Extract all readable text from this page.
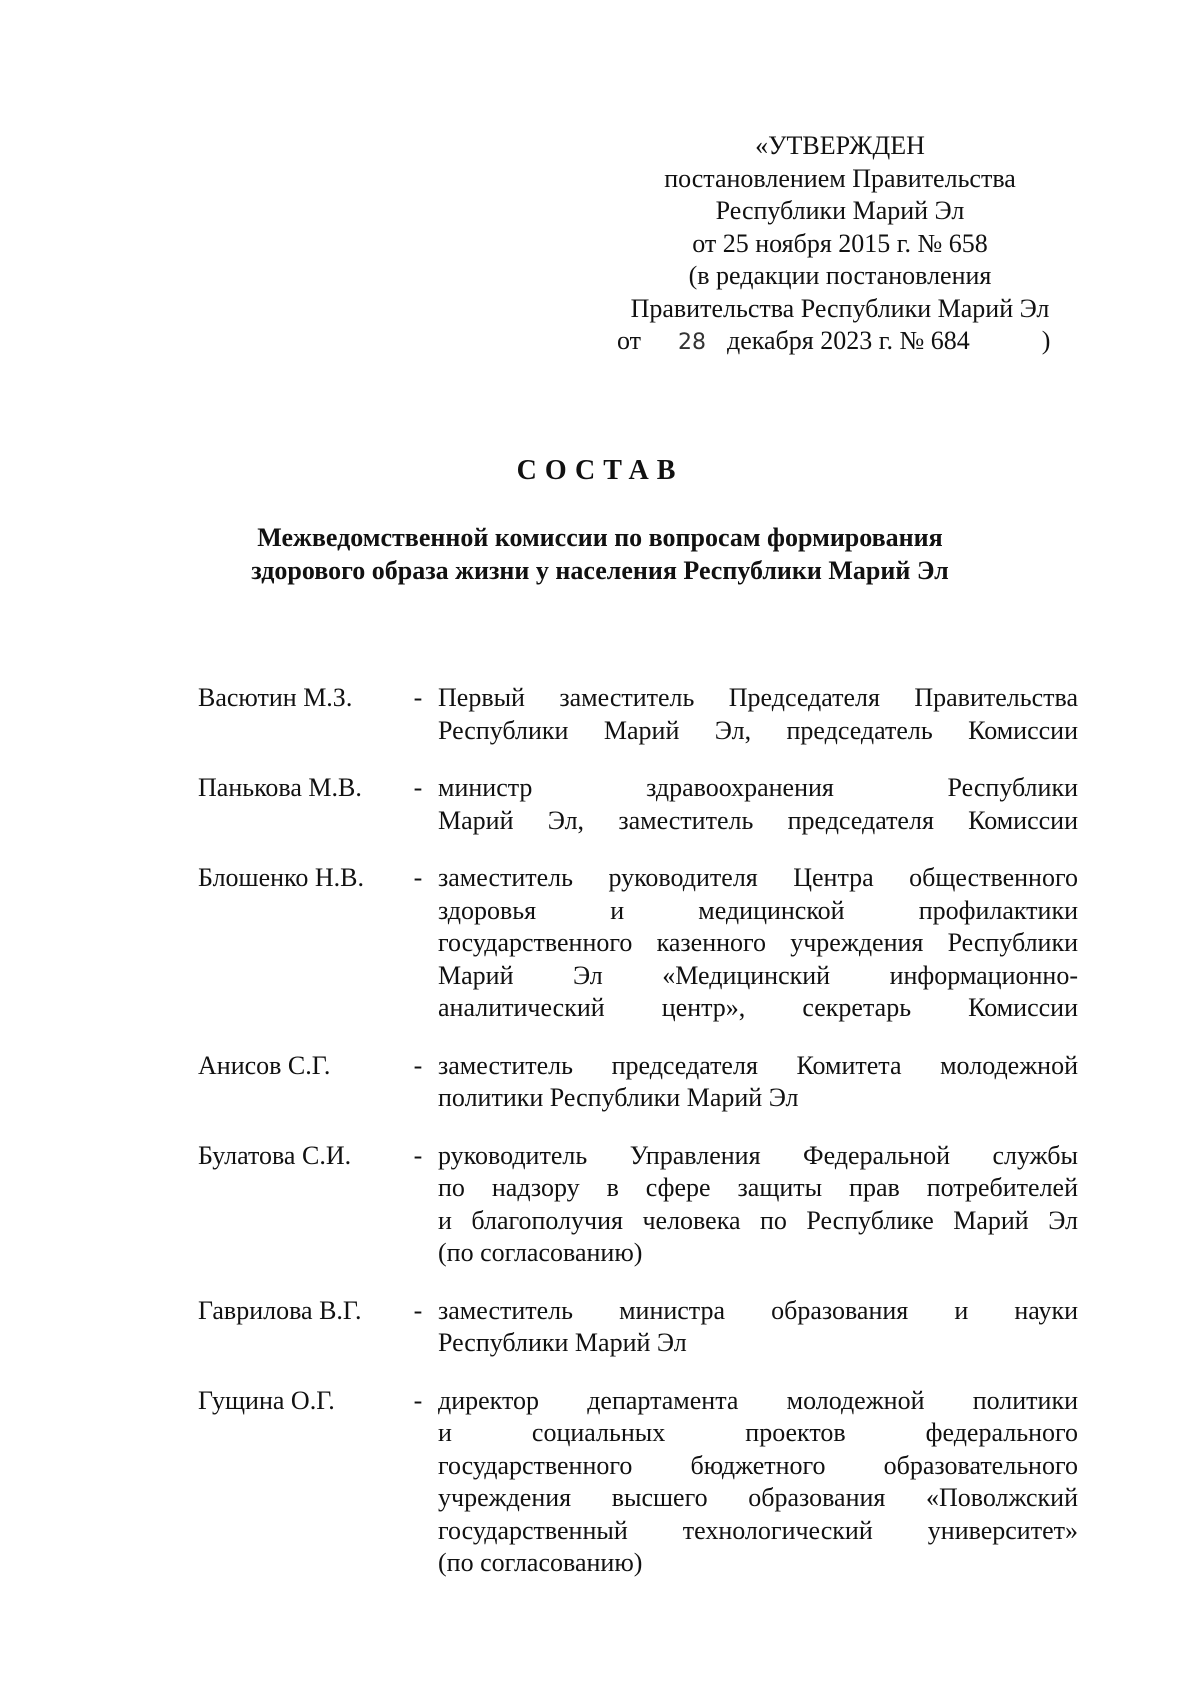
«УТВЕРЖДЕН
постановлением Правительства
Республики Марий Эл
от 25 ноября 2015 г. № 658
(в редакции постановления
Правительства Республики Марий Эл
от	28 декабря 2023 г. № 684	)
СОСТАВ
Межведомственной комиссии по вопросам формирования
здорового образа жизни у населения Республики Марий Эл
Васютин М.З.	- Первый заместитель Председателя Правительства
Республики Марий Эл, председатель Комиссии
Панькова М.В.	- министр здравоохранения Республики
Марий Эл, заместитель председателя Комиссии
Блошенко Н.В.	- заместитель руководителя Центра общественного
здоровья и медицинской профилактики
государственного казенного учреждения Республики
Марий Эл «Медицинский информационно-
аналитический центр», секретарь Комиссии
Анисов С.Г.	- заместитель председателя Комитета молодежной
политики Республики Марий Эл
Булатова С.И.	- руководитель Управления Федеральной службы
по надзору в сфере защиты прав потребителей
и благополучия человека по Республике Марий Эл
(по согласованию)
Гаврилова В.Г.	- заместитель министра образования и науки
Республики Марий Эл
Гущина О.Г.	- директор департамента молодежной политики
и социальных проектов федерального
государственного бюджетного образовательного
учреждения высшего образования «Поволжский
государственный технологический университет»
(по согласованию)
